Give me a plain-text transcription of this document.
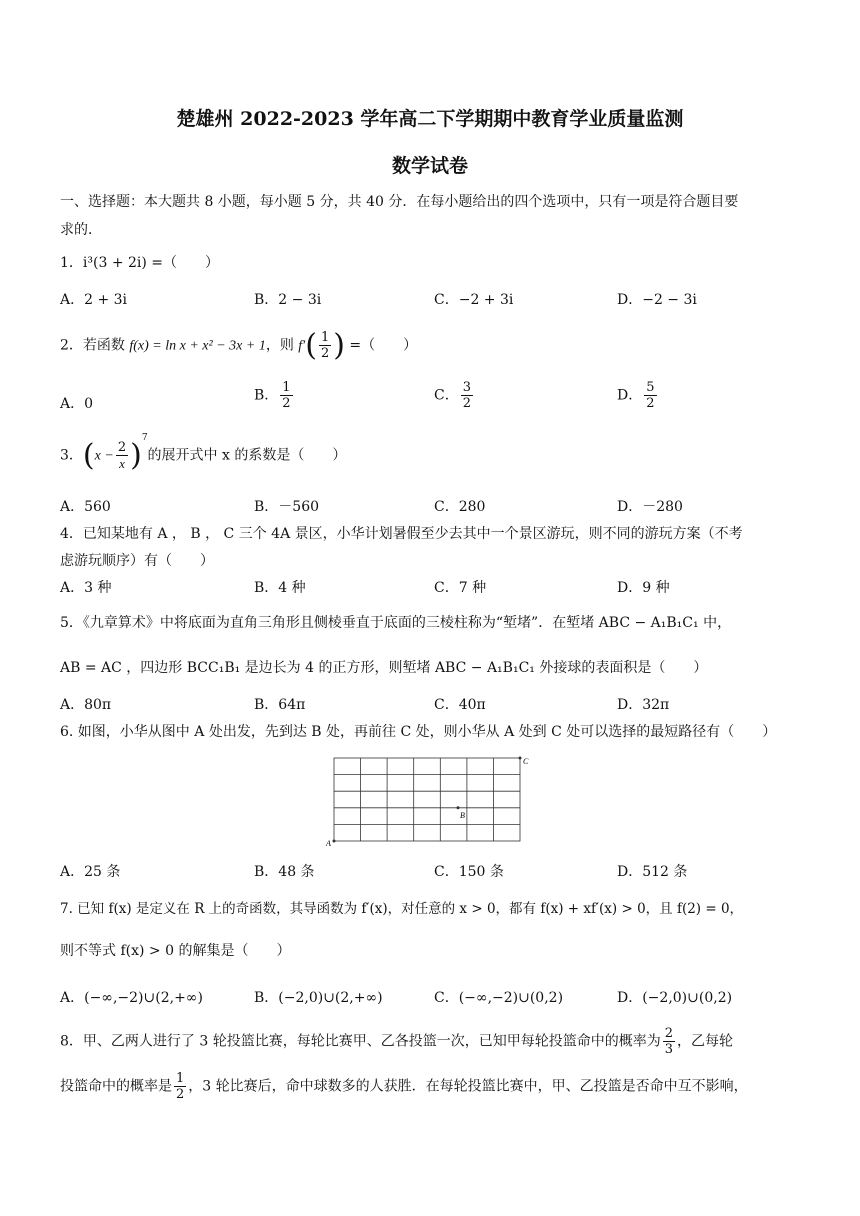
楚雄州 2022-2023 学年高二下学期期中教育学业质量监测
数学试卷
一、选择题：本大题共 8 小题，每小题 5 分，共 40 分．在每小题给出的四个选项中，只有一项是符合题目要
求的．
1．i³(3 + 2i) =（　　）
A．2 + 3i	B．2 − 3i	C．−2 + 3i	D．−2 − 3i
2．若函数 f(x) = ln x + x² − 3x + 1，则 $f'( \frac{1}{2}$ ) =（　　）
A．0
B． $\frac{1}{2}$	C． $\frac{3}{2}$	D． $\frac{5}{2}$
3．$(x - \frac{2}{x} )^7$的展开式中 x 的系数是（　　）
A．560	B．－560	C．280	D．－280
4．已知某地有 A ， B ， C 三个 4A 景区，小华计划暑假至少去其中一个景区游玩，则不同的游玩方案（不考
虑游玩顺序）有（　　）
A．3 种	B．4 种	C．7 种	D．9 种
5．《九章算术》中将底面为直角三角形且侧棱垂直于底面的三棱柱称为“堑堵”．在堑堵 ABC − A₁B₁C₁ 中，
AB = AC ，四边形 BCC₁B₁ 是边长为 4 的正方形，则堑堵 ABC − A₁B₁C₁ 外接球的表面积是（　　）
A．80π	B．64π	C．40π	D．32π
6. 如图，小华从图中 A 处出发，先到达 B 处，再前往 C 处，则小华从 A 处到 C 处可以选择的最短路径有（　　）
A
B
C
A．25 条	B．48 条	C．150 条	D．512 条
7. 已知 f(x) 是定义在 R 上的奇函数，其导函数为 f′(x)，对任意的 x > 0，都有 f(x) + xf′(x) > 0，且 f(2) = 0，
则不等式 f(x) > 0 的解集是（　　）
A．(−∞,−2)∪(2,+∞)	B．(−2,0)∪(2,+∞)	C．(−∞,−2)∪(0,2)	D．(−2,0)∪(0,2)
8．甲、乙两人进行了 3 轮投篮比赛，每轮比赛甲、乙各投篮一次，已知甲每轮投篮命中的概率为 $\frac{2}{3}$ ，乙每轮
投篮命中的概率是 $\frac{1}{2}$ ，3 轮比赛后，命中球数多的人获胜．在每轮投篮比赛中，甲、乙投篮是否命中互不影响，
